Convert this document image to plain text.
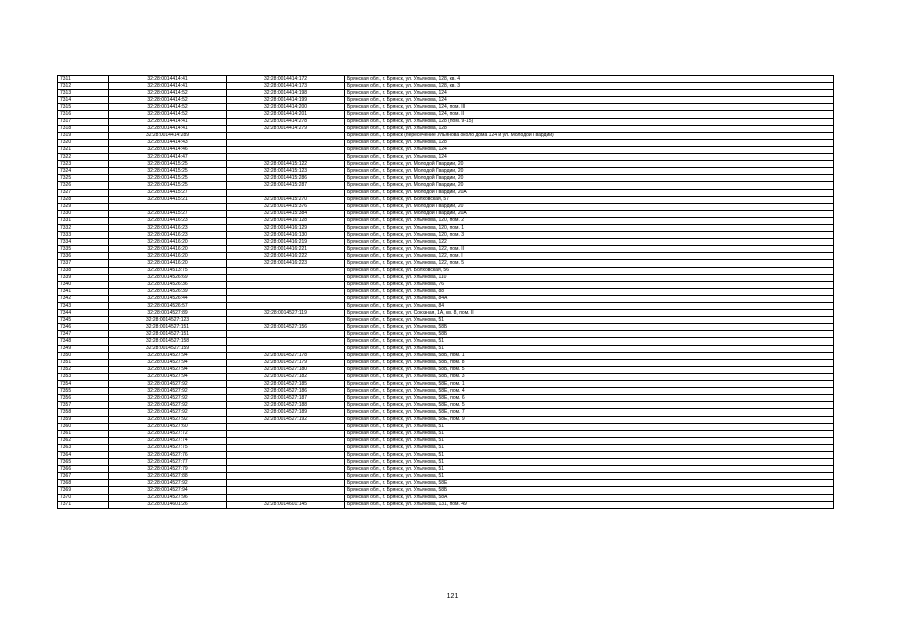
7311	32:28:0014414:41	32:28:0014414:172	Брянская обл., г. Брянск, ул. Ульянова, 128, кв. 4
7312	32:28:0014414:41	32:28:0014414:173	Брянская обл., г. Брянск, ул. Ульянова, 128, кв. 3
7313	32:28:0014414:52	32:28:0014414:198	Брянская обл., г. Брянск, ул. Ульянова, 124
7314	32:28:0014414:52	32:28:0014414:199	Брянская обл., г. Брянск, ул. Ульянова, 124
7315	32:28:0014414:52	32:28:0014414:200	Брянская обл., г. Брянск, ул. Ульянова, 124, пом. III
7316	32:28:0014414:52	32:28:0014414:201	Брянская обл., г. Брянск, ул. Ульянова, 124, пом. II
7317	32:28:0014414:41	32:28:0014414:278	Брянская обл., г. Брянск, ул. Ульянова, 128 (пом. 9-15)
7318	32:28:0014414:41	32:28:0014414:279	Брянская обл., г. Брянск, ул. Ульянова, 128
7319	32:28:0014414:289		Брянская обл., г. Брянск (пересечение Ульянова около дома 124 и ул. Молодой Гвардии)
7320	32:28:0014414:43		Брянская обл., г. Брянск, ул. Ульянова, 128
7321	32:28:0014414:46		Брянская обл., г. Брянск, ул. Ульянова, 124
7322	32:28:0014414:47		Брянская обл., г. Брянск, ул. Ульянова, 124
7323	32:28:0014415:25	32:28:0014415:122	Брянская обл., г. Брянск, ул. Молодой Гвардии, 20
7324	32:28:0014415:25	32:28:0014415:123	Брянская обл., г. Брянск, ул. Молодой Гвардии, 20
7325	32:28:0014415:25	32:28:0014415:286	Брянская обл., г. Брянск, ул. Молодой Гвардии, 20
7326	32:28:0014415:25	32:28:0014415:287	Брянская обл., г. Брянск, ул. Молодой Гвардии, 20
7327	32:28:0014415:27		Брянская обл., г. Брянск, ул. Молодой Гвардии, 20А
7328	32:28:0014415:21	32:28:0014415:270	Брянская обл., г. Брянск, ул. Болховская, 57
7329		32:28:0014415:376	Брянская обл., г. Брянск, ул. Молодой Гвардии, 20
7330	32:28:0014415:27	32:28:0014415:384	Брянская обл., г. Брянск, ул. Молодой Гвардии, 20А
7331	32:28:0014416:23	32:28:0014416:128	Брянская обл., г. Брянск, ул. Ульянова, 120, пом. 2
7332	32:28:0014416:23	32:28:0014416:129	Брянская обл., г. Брянск, ул. Ульянова, 120, пом. 1
7333	32:28:0014416:23	32:28:0014416:130	Брянская обл., г. Брянск, ул. Ульянова, 120, пом. 3
7334	32:28:0014416:20	32:28:0014416:219	Брянская обл., г. Брянск, ул. Ульянова, 122
7335	32:28:0014416:20	32:28:0014416:221	Брянская обл., г. Брянск, ул. Ульянова, 122, пом. II
7336	32:28:0014416:20	32:28:0014416:222	Брянская обл., г. Брянск, ул. Ульянова, 122, пом. I
7337	32:28:0014416:20	32:28:0014416:223	Брянская обл., г. Брянск, ул. Ульянова, 122, пом. 5
7338	32:28:0014513:75		Брянская обл., г. Брянск, ул. Болховская, 56
7339	32:28:0014526:69		Брянская обл., г. Брянск, ул. Ульянова, 110
7340	32:28:0014526:36		Брянская обл., г. Брянск, ул. Ульянова, 76
7341	32:28:0014526:39		Брянская обл., г. Брянск, ул. Ульянова, 88
7342	32:28:0014526:44		Брянская обл., г. Брянск, ул. Ульянова, 84А
7343	32:28:0014526:57		Брянская обл., г. Брянск, ул. Ульянова, 84
7344	32:28:0014527:89	32:28:0014527:119	Брянская обл., г. Брянск, ул. Союзная, 1А, кв. 8, пом. II
7345	32:28:0014527:123		Брянская обл., г. Брянск, ул. Ульянова, 51
7346	32:28:0014527:151	32:28:0014527:156	Брянская обл., г. Брянск, ул. Ульянова, 58Б
7347	32:28:0014527:151		Брянская обл., г. Брянск, ул. Ульянова, 58Б
7348	32:28:0014527:158		Брянская обл., г. Брянск, ул. Ульянова, 51
7349	32:28:0014527:159		Брянская обл., г. Брянск, ул. Ульянова, 51
7350	32:28:0014527:94	32:28:0014527:178	Брянская обл., г. Брянск, ул. Ульянова, 58Б, пом. 1
7351	32:28:0014527:94	32:28:0014527:179	Брянская обл., г. Брянск, ул. Ульянова, 58Б, пом. 8
7352	32:28:0014527:94	32:28:0014527:180	Брянская обл., г. Брянск, ул. Ульянова, 58Б, пом. 5
7353	32:28:0014527:94	32:28:0014527:182	Брянская обл., г. Брянск, ул. Ульянова, 58Б, пом. 3
7354	32:28:0014527:92	32:28:0014527:185	Брянская обл., г. Брянск, ул. Ульянова, 58Е, пом. 1
7355	32:28:0014527:92	32:28:0014527:186	Брянская обл., г. Брянск, ул. Ульянова, 58Е, пом. 4
7356	32:28:0014527:92	32:28:0014527:187	Брянская обл., г. Брянск, ул. Ульянова, 58Е, пом. 6
7357	32:28:0014527:92	32:28:0014527:188	Брянская обл., г. Брянск, ул. Ульянова, 58Е, пом. 5
7358	32:28:0014527:92	32:28:0014527:189	Брянская обл., г. Брянск, ул. Ульянова, 58Е, пом. 7
7359	32:28:0014527:92	32:28:0014527:192	Брянская обл., г. Брянск, ул. Ульянова, 58Е, пом. 9
7360	32:28:0014527:60		Брянская обл., г. Брянск, ул. Ульянова, 51
7361	32:28:0014527:72		Брянская обл., г. Брянск, ул. Ульянова, 51
7362	32:28:0014527:74		Брянская обл., г. Брянск, ул. Ульянова, 51
7363	32:28:0014527:75		Брянская обл., г. Брянск, ул. Ульянова, 51
7364	32:28:0014527:76		Брянская обл., г. Брянск, ул. Ульянова, 51
7365	32:28:0014527:77		Брянская обл., г. Брянск, ул. Ульянова, 51
7366	32:28:0014527:79		Брянская обл., г. Брянск, ул. Ульянова, 51
7367	32:28:0014527:88		Брянская обл., г. Брянск, ул. Ульянова, 51
7368	32:28:0014527:92		Брянская обл., г. Брянск, ул. Ульянова, 58Е
7369	32:28:0014527:94		Брянская обл., г. Брянск, ул. Ульянова, 58Б
7370	32:28:0014527:96		Брянская обл., г. Брянск, ул. Ульянова, 58А
7371	32:28:0014601:26	32:28:0014601:145	Брянская обл., г. Брянск, ул. Ульянова, 131, пом. 49
121
